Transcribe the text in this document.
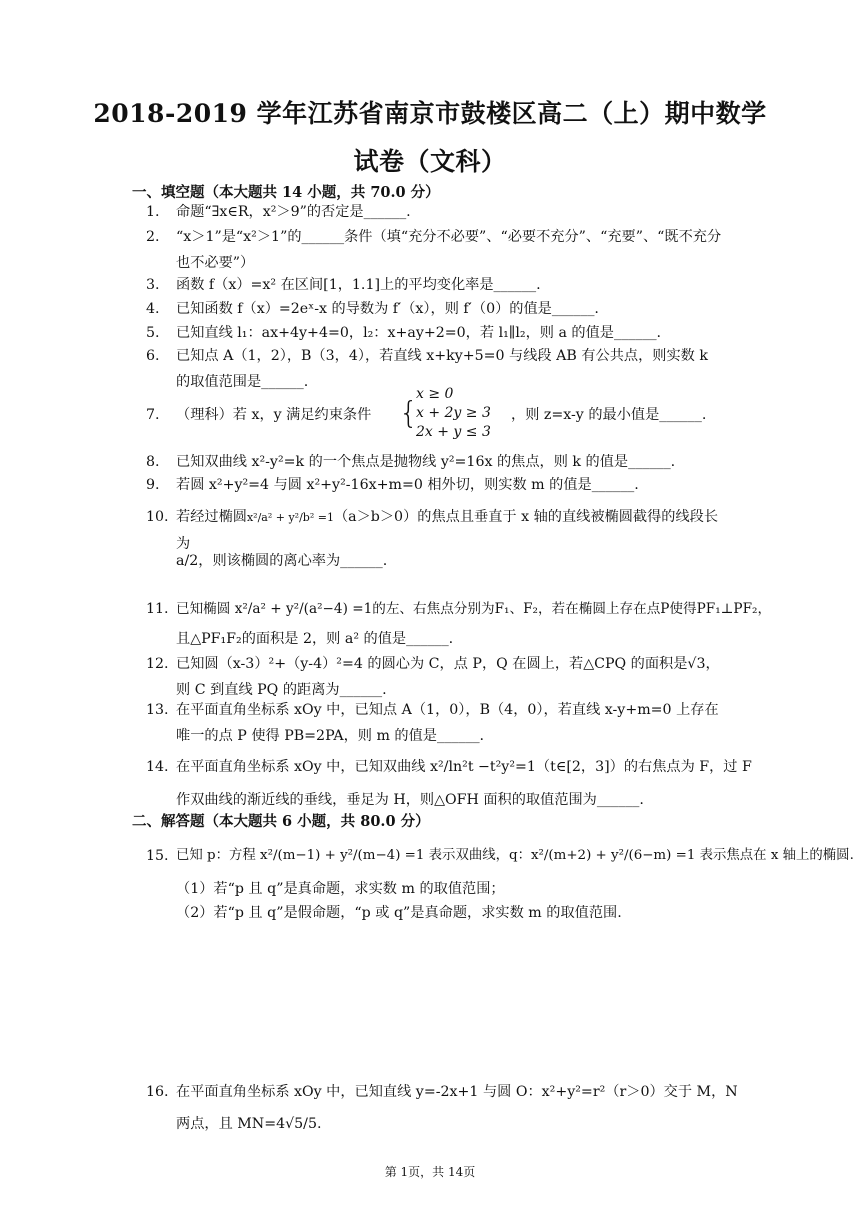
2018-2019 学年江苏省南京市鼓楼区高二（上）期中数学
试卷（文科）
一、填空题（本大题共 14 小题，共 70.0 分）
1. 命题“∃x∈R，x²＞9”的否定是______.
2. “x＞1”是“x²＞1”的______条件（填“充分不必要”、“必要不充分”、“充要”、“既不充分也不必要”）
3. 函数 f（x）=x² 在区间[1，1.1]上的平均变化率是______.
4. 已知函数 f（x）=2eˣ-x 的导数为 f′（x），则 f′（0）的值是______.
5. 已知直线 l₁：ax+4y+4=0，l₂：x+ay+2=0，若 l₁∥l₂，则 a 的值是______.
6. 已知点 A（1，2），B（3，4），若直线 x+ky+5=0 与线段 AB 有公共点，则实数 k 的取值范围是______.
7. （理科）若 x，y 满足约束条件 {
x ≥ 0
x + 2y ≥ 3
2x + y ≤ 3
，则 z=x-y 的最小值是______.
8. 已知双曲线 x²-y²=k 的一个焦点是抛物线 y²=16x 的焦点，则 k 的值是______.
9. 若圆 x²+y²=4 与圆 x²+y²-16x+m=0 相外切，则实数 m 的值是______.
10. 若经过椭圆x²/a² + y²/b² =1（a＞b＞0）的焦点且垂直于 x 轴的直线被椭圆截得的线段长为
a/2，则该椭圆的离心率为______.
11. 已知椭圆 x²/a² + y²/(a²−4) =1的左、右焦点分别为F₁、F₂，若在椭圆上存在点P使得PF₁⊥PF₂，
且△PF₁F₂的面积是 2，则 a² 的值是______.
12. 已知圆（x-3）²+（y-4）²=4 的圆心为 C，点 P，Q 在圆上，若△CPQ 的面积是√3，
则 C 到直线 PQ 的距离为______.
13. 在平面直角坐标系 xOy 中，已知点 A（1，0），B（4，0），若直线 x-y+m=0 上存在唯一的点 P 使得 PB=2PA，则 m 的值是______.
14. 在平面直角坐标系 xOy 中，已知双曲线 x²/ln²t −t²y²=1（t∈[2，3]）的右焦点为 F，过 F
作双曲线的渐近线的垂线，垂足为 H，则△OFH 面积的取值范围为______.
二、解答题（本大题共 6 小题，共 80.0 分）
15. 已知 p：方程 x²/(m−1) + y²/(m−4) =1 表示双曲线，q：x²/(m+2) + y²/(6−m) =1 表示焦点在 x 轴上的椭圆.
（1）若“p 且 q”是真命题，求实数 m 的取值范围；
（2）若“p 且 q”是假命题，“p 或 q”是真命题，求实数 m 的取值范围.
16. 在平面直角坐标系 xOy 中，已知直线 y=-2x+1 与圆 O：x²+y²=r²（r＞0）交于 M，N
两点，且 MN=4√5/5.
第 1页，共 14页
